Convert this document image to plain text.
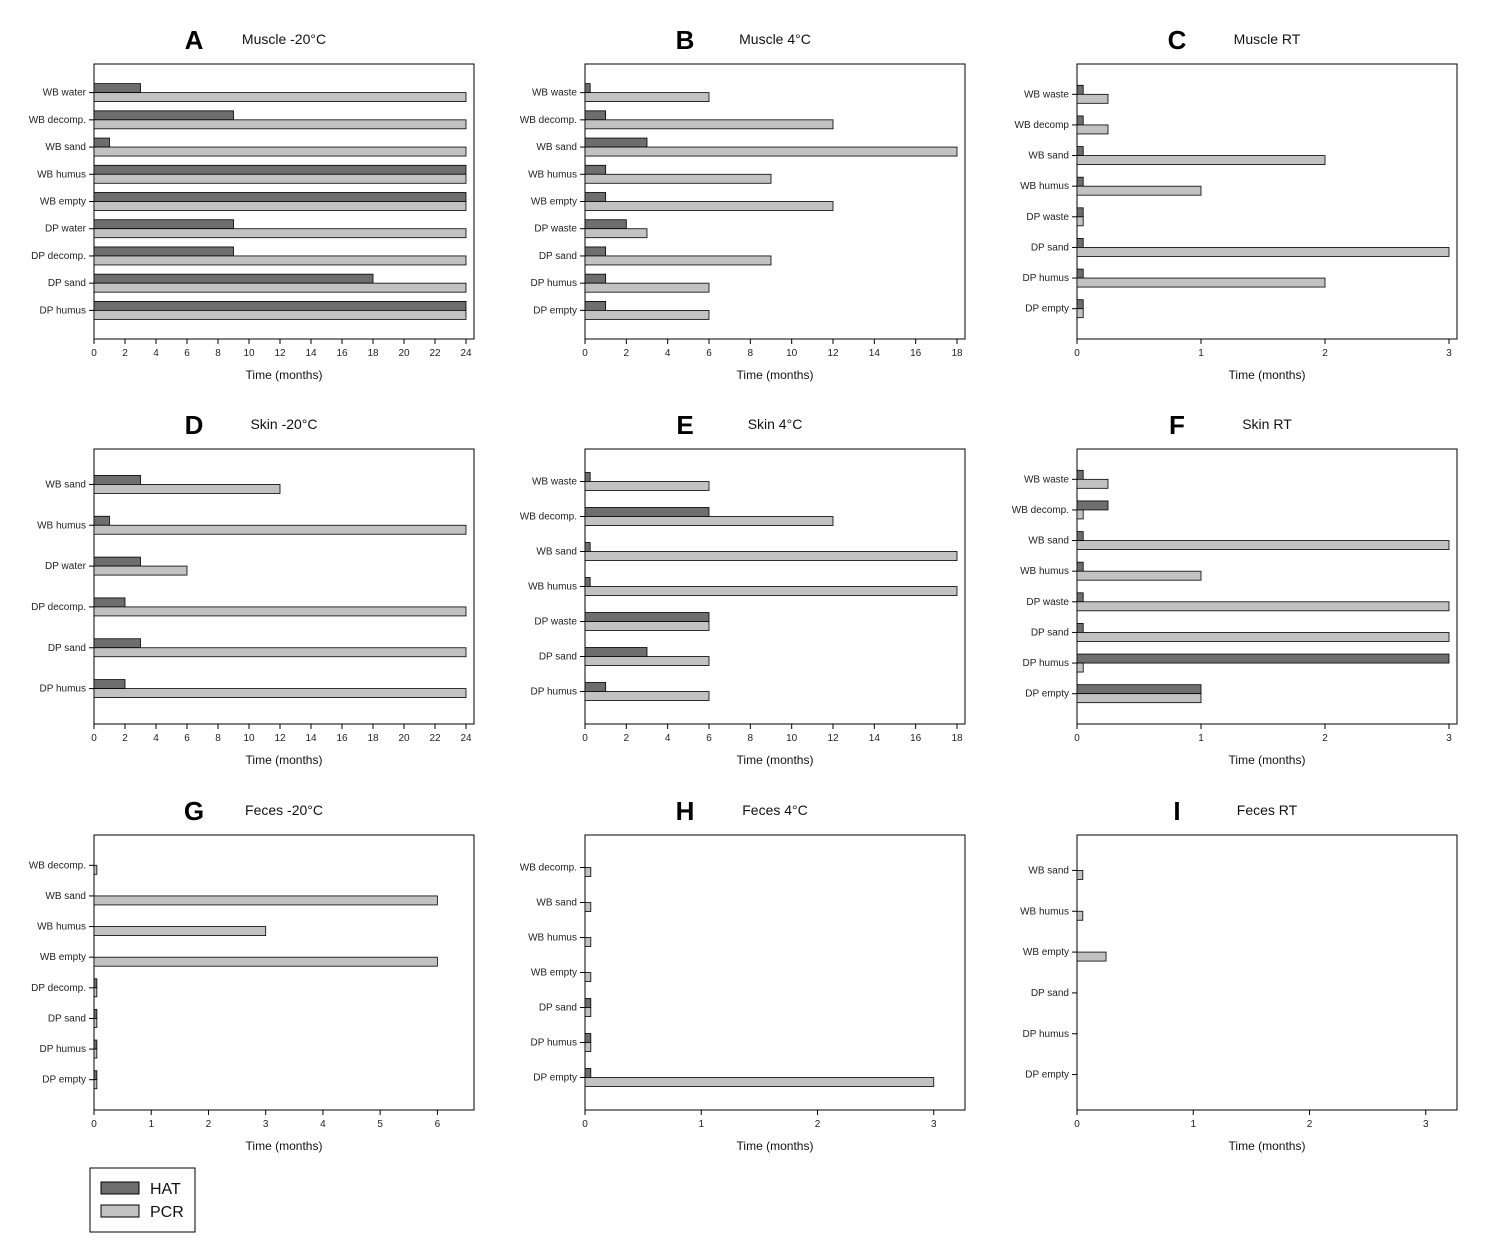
A	Muscle -20°C
0	2	4	6	8 10 12 14 16 18 20 22 24
Time (months)
WB water
WB decomp.
WB sand
WB humus
WB empty
DP water
DP decomp.
DP sand
DP humus
B	Muscle 4°C
0	2	4	6	8	10	12	14	16	18
Time (months)
WB waste
WB decomp.
WB sand
WB humus
WB empty
DP waste
DP sand
DP humus
DP empty
C	Muscle RT
0	1	2	3
Time (months)
WB waste
WB decomp
WB sand
WB humus
DP waste
DP sand
DP humus
DP empty
D	Skin -20°C
0	2	4	6	8 10 12 14 16 18 20 22 24
Time (months)
WB sand
WB humus
DP water
DP decomp.
DP sand
DP humus
E	Skin 4°C
0	2	4	6	8	10	12	14	16	18
Time (months)
WB waste
WB decomp.
WB sand
WB humus
DP waste
DP sand
DP humus
F	Skin RT
0	1	2	3
Time (months)
WB waste
WB decomp.
WB sand
WB humus
DP waste
DP sand
DP humus
DP empty
G	Feces -20°C
0	1	2	3	4	5	6
Time (months)
WB decomp.
WB sand
WB humus
WB empty
DP decomp.
DP sand
DP humus
DP empty
H	Feces 4°C
0	1	2	3
Time (months)
WB decomp.
WB sand
WB humus
WB empty
DP sand
DP humus
DP empty
I	Feces RT
0	1	2	3
Time (months)
WB sand
WB humus
WB empty
DP sand
DP humus
DP empty
HAT
PCR
